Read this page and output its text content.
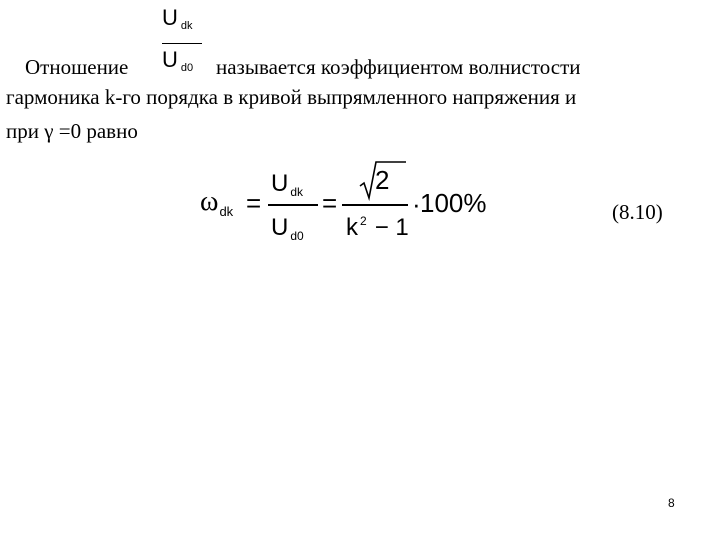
Отношение	называется коэффициентом волнистости
Udk
Ud0
гармоника k-го порядка в кривой выпрямленного напряжения и
при γ =0 равно
$\omega_{dk}$ =
U $_{dk}$
U $_{d0}$
=
2
k $^2$ − 1
· 100%	(8.10)
8
